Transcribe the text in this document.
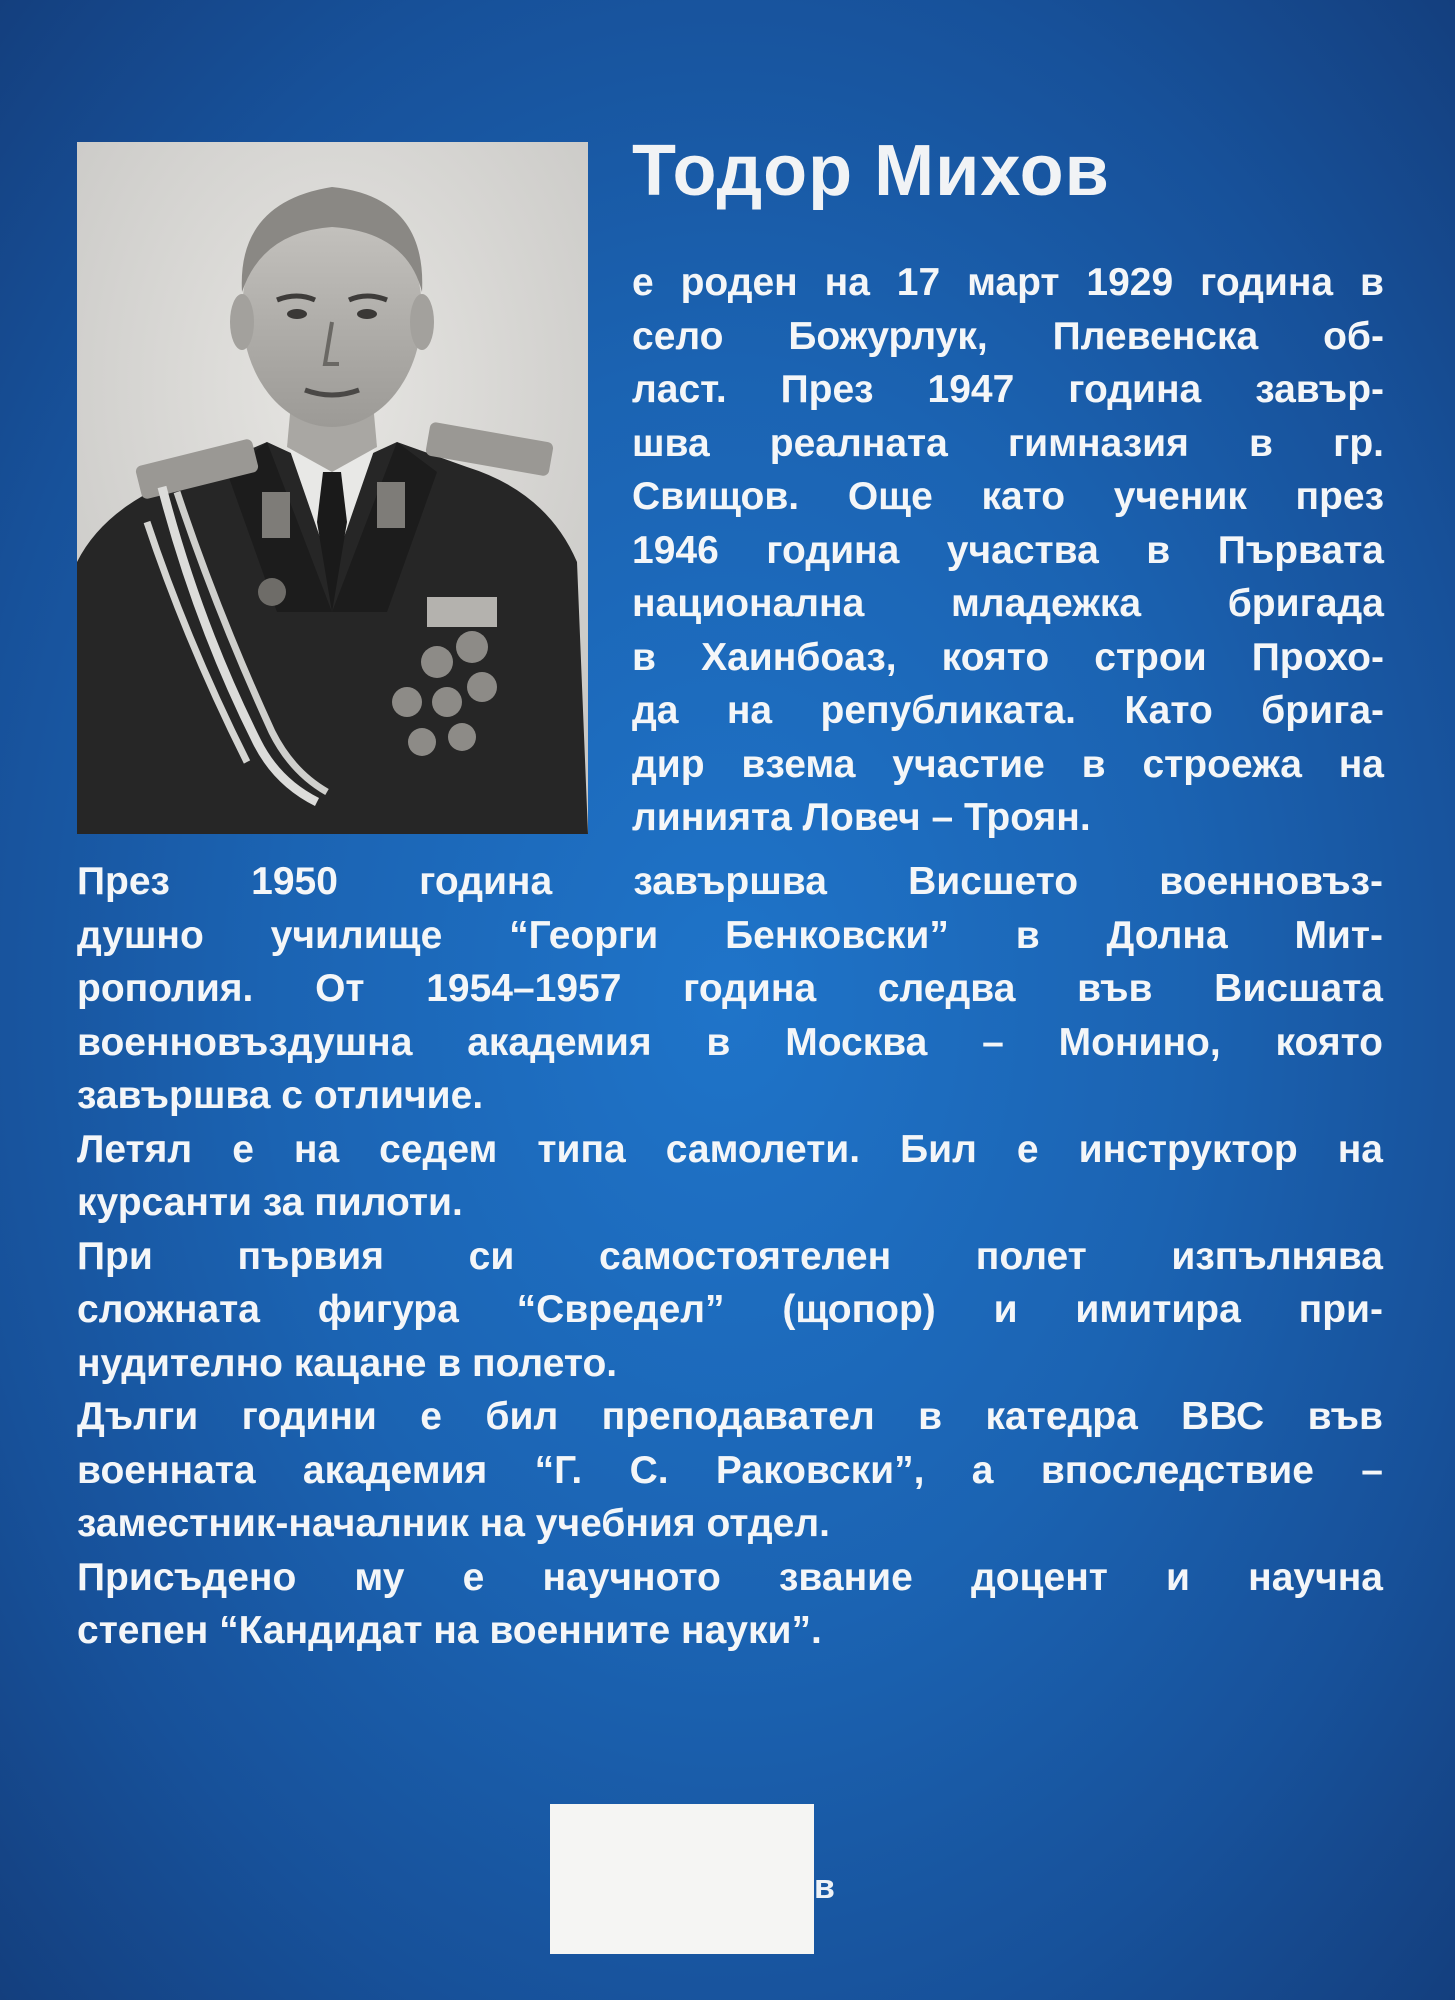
Тодор Михов
е роден на 17 март 1929 година в
село Божурлук, Плевенска об-
ласт. През 1947 година завър-
шва реалната гимназия в гр.
Свищов. Още като ученик през
1946 година участва в Първата
национална младежка бригада
в Хаинбоаз, която строи Прохо-
да на републиката. Като брига-
дир взема участие в строежа на
линията Ловеч – Троян.
През 1950 година завършва Висшето военновъз-
душно училище “Георги Бенковски” в Долна Мит-
рополия. От 1954–1957 година следва във Висшата
военновъздушна академия в Москва – Монино, която
завършва с отличие.
Летял е на седем типа самолети. Бил е инструктор на
курсанти за пилоти.
При първия си самостоятелен полет изпълнява
сложната фигура “Свредел” (щопор) и имитира при-
нудително кацане в полето.
Дълги години е бил преподавател в катедра ВВС във
военната академия “Г. С. Раковски”, а впоследствие –
заместник-началник на учебния отдел.
Присъдено му е научното звание доцент и научна
степен “Кандидат на военните науки”.
в
